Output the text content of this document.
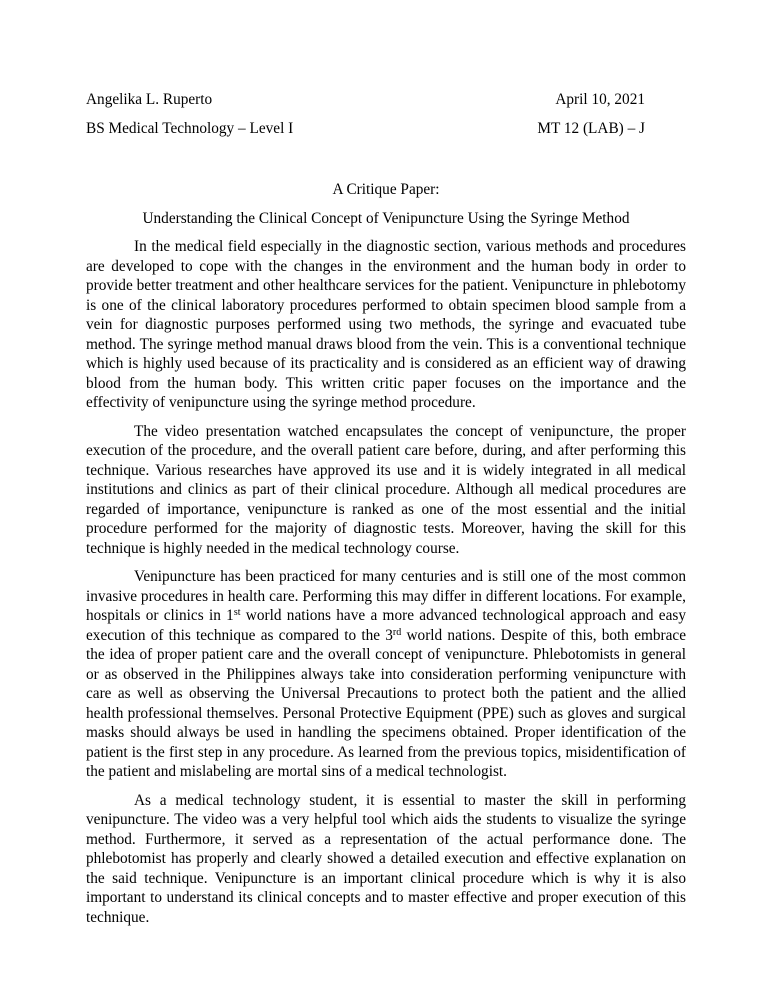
Angelika L. Ruperto	April 10, 2021
BS Medical Technology – Level I	MT 12 (LAB) – J
A Critique Paper:
Understanding the Clinical Concept of Venipuncture Using the Syringe Method

In the medical field especially in the diagnostic section, various methods and procedures are developed to cope with the changes in the environment and the human body in order to provide better treatment and other healthcare services for the patient. Venipuncture in phlebotomy is one of the clinical laboratory procedures performed to obtain specimen blood sample from a vein for diagnostic purposes performed using two methods, the syringe and evacuated tube method. The syringe method manual draws blood from the vein. This is a conventional technique which is highly used because of its practicality and is considered as an efficient way of drawing blood from the human body. This written critic paper focuses on the importance and the effectivity of venipuncture using the syringe method procedure.

The video presentation watched encapsulates the concept of venipuncture, the proper execution of the procedure, and the overall patient care before, during, and after performing this technique. Various researches have approved its use and it is widely integrated in all medical institutions and clinics as part of their clinical procedure. Although all medical procedures are regarded of importance, venipuncture is ranked as one of the most essential and the initial procedure performed for the majority of diagnostic tests. Moreover, having the skill for this technique is highly needed in the medical technology course.

Venipuncture has been practiced for many centuries and is still one of the most common invasive procedures in health care. Performing this may differ in different locations. For example, hospitals or clinics in 1st world nations have a more advanced technological approach and easy execution of this technique as compared to the 3rd world nations. Despite of this, both embrace the idea of proper patient care and the overall concept of venipuncture. Phlebotomists in general or as observed in the Philippines always take into consideration performing venipuncture with care as well as observing the Universal Precautions to protect both the patient and the allied health professional themselves. Personal Protective Equipment (PPE) such as gloves and surgical masks should always be used in handling the specimens obtained. Proper identification of the patient is the first step in any procedure. As learned from the previous topics, misidentification of the patient and mislabeling are mortal sins of a medical technologist.

As a medical technology student, it is essential to master the skill in performing venipuncture. The video was a very helpful tool which aids the students to visualize the syringe method. Furthermore, it served as a representation of the actual performance done. The phlebotomist has properly and clearly showed a detailed execution and effective explanation on the said technique. Venipuncture is an important clinical procedure which is why it is also important to understand its clinical concepts and to master effective and proper execution of this technique.
